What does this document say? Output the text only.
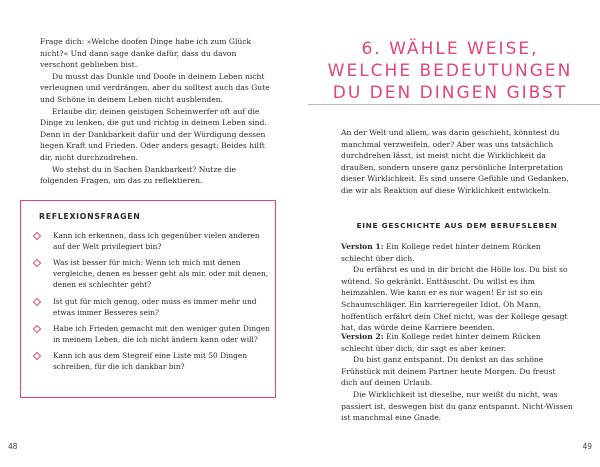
Frage dich: »Welche doofen Dinge habe ich zum Glück nicht?« Und dann sage danke dafür, dass du davon verschont geblieben bist.

Du musst das Dunkle und Doofe in deinem Leben nicht verleugnen und verdrängen, aber du solltest auch das Gute und Schöne in deinem Leben nicht ausblenden.

Erlaube dir, deinen geistigen Scheinwerfer oft auf die Dinge zu lenken, die gut und richtig in deinem Leben sind. Denn in der Dankbarkeit dafür und der Würdigung dessen liegen Kraft und Frieden. Oder anders gesagt: Beides hilft dir, nicht durchzudrehen.

Wo stehst du in Sachen Dankbarkeit? Nutze die folgenden Fragen, um das zu reflektieren.

REFLEXIONSFRAGEN
Kann ich erkennen, dass ich gegenüber vielen anderen auf der Welt privilegiert bin?
Was ist besser für mich: Wenn ich mich mit denen vergleiche, denen es besser geht als mir, oder mit denen, denen es schlechter geht?
Ist gut für mich genug, oder muss es immer mehr und etwas immer Besseres sein?
Habe ich Frieden gemacht mit den weniger guten Dingen in meinem Leben, die ich nicht ändern kann oder will?
Kann ich aus dem Stegreif eine Liste mit 50 Dingen schreiben, für die ich dankbar bin?
48
6. WÄHLE WEISE,
WELCHE BEDEUTUNGEN
DU DEN DINGEN GIBST

An der Welt und allem, was darin geschieht, könntest du manchmal verzweifeln, oder? Aber was uns tatsächlich durchdrehen lässt, ist meist nicht die Wirklichkeit da draußen, sondern unsere ganz persönliche Interpretation dieser Wirklichkeit. Es sind unsere Gefühle und Gedanken, die wir als Reaktion auf diese Wirklichkeit entwickeln.

EINE GESCHICHTE AUS DEM BERUFSLEBEN

Version 1: Ein Kollege redet hinter deinem Rücken schlecht über dich.

Du erfährst es und in dir bricht die Hölle los. Du bist so wütend. So gekränkt. Enttäuscht. Du willst es ihm heimzahlen. Wie kann er es nur wagen! Er ist so ein Schaumschläger. Ein karrieregeiler Idiot. Oh Mann, hoffentlich erfährt dein Chef nicht, was der Kollege gesagt hat, das würde deine Karriere beenden.

Version 2: Ein Kollege redet hinter deinem Rücken schlecht über dich, dir sagt es aber keiner.

Du bist ganz entspannt. Du denkst an das schöne Frühstück mit deinem Partner heute Morgen. Du freust dich auf deinen Urlaub.

Die Wirklichkeit ist dieselbe, nur weißt du nicht, was passiert ist, deswegen bist du ganz entspannt. Nicht-Wissen ist manchmal eine Gnade.

49
